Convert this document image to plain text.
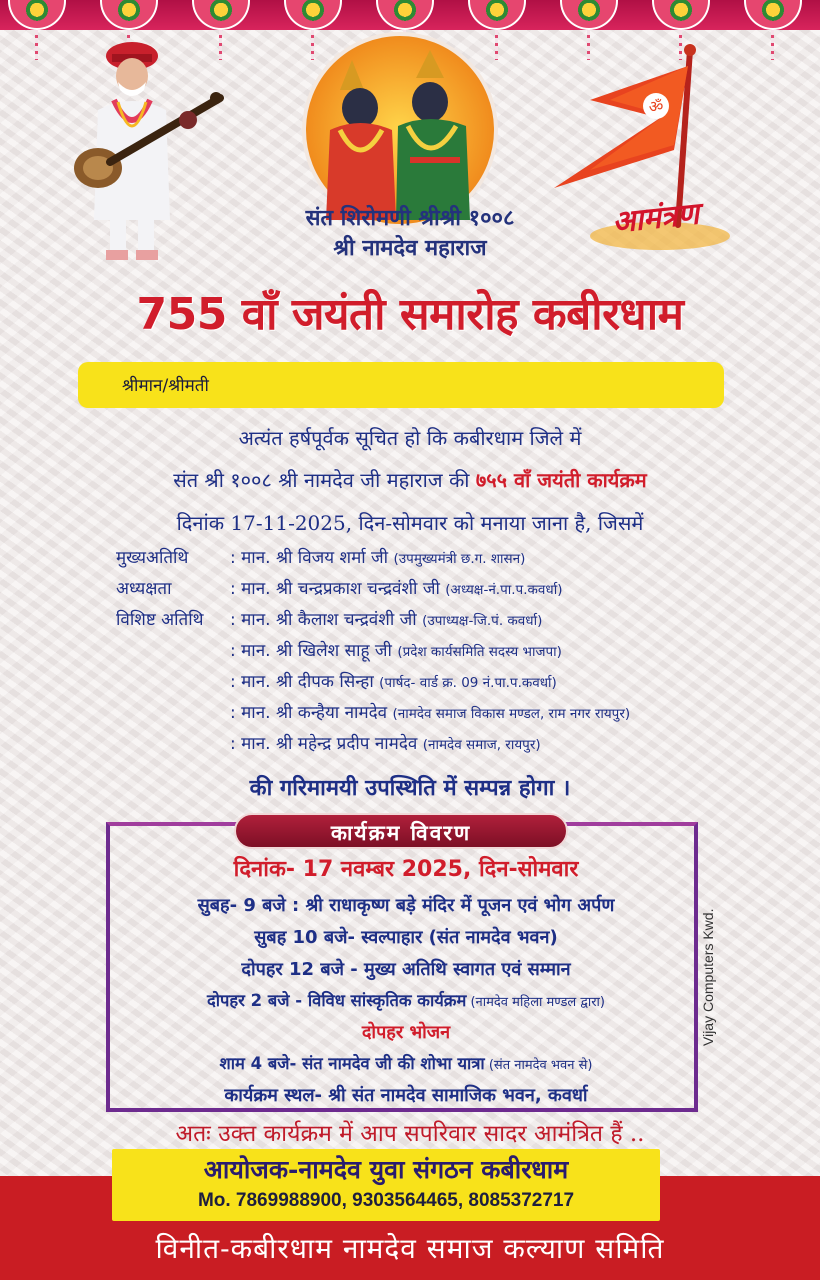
ॐ
आमंत्रण
संत शिरोमणी श्रीश्री १००८
श्री नामदेव महाराज
755 वाँ जयंती समारोह कबीरधाम
श्रीमान/श्रीमती
अत्यंत हर्षपूर्वक सूचित हो कि कबीरधाम जिले में
संत श्री १००८ श्री नामदेव जी महाराज की ७५५ वाँ जयंती कार्यक्रम
दिनांक 17-11-2025, दिन-सोमवार को मनाया जाना है, जिसमें
मुख्यअतिथि	: मान. श्री विजय शर्मा जी (उपमुख्यमंत्री छ.ग. शासन)
अध्यक्षता	: मान. श्री चन्द्रप्रकाश चन्द्रवंशी जी (अध्यक्ष-नं.पा.प.कवर्धा)
विशिष्ट अतिथि	: मान. श्री कैलाश चन्द्रवंशी जी (उपाध्यक्ष-जि.पं. कवर्धा)
: मान. श्री खिलेश साहू जी (प्रदेश कार्यसमिति सदस्य भाजपा)
: मान. श्री दीपक सिन्हा (पार्षद- वार्ड क्र. 09 नं.पा.प.कवर्धा)
: मान. श्री कन्हैया नामदेव (नामदेव समाज विकास मण्डल, राम नगर रायपुर)
: मान. श्री महेन्द्र प्रदीप नामदेव (नामदेव समाज, रायपुर)
की गरिमामयी उपस्थिति में सम्पन्न होगा ।
कार्यक्रम विवरण
दिनांक- 17 नवम्बर 2025, दिन-सोमवार
सुबह- 9 बजे : श्री राधाकृष्ण बड़े मंदिर में पूजन एवं भोग अर्पण
सुबह 10 बजे- स्वल्पाहार (संत नामदेव भवन)
दोपहर 12 बजे - मुख्य अतिथि स्वागत एवं सम्मान
दोपहर 2 बजे - विविध सांस्कृतिक कार्यक्रम (नामदेव महिला मण्डल द्वारा)
दोपहर भोजन
शाम 4 बजे- संत नामदेव जी की शोभा यात्रा (संत नामदेव भवन से)
कार्यक्रम स्थल- श्री संत नामदेव सामाजिक भवन, कवर्धा
Vijay Computers Kwd.
अतः उक्त कार्यक्रम में आप सपरिवार सादर आमंत्रित हैं ..
आयोजक-नामदेव युवा संगठन कबीरधाम
Mo. 7869988900, 9303564465, 8085372717
विनीत-कबीरधाम नामदेव समाज कल्याण समिति
